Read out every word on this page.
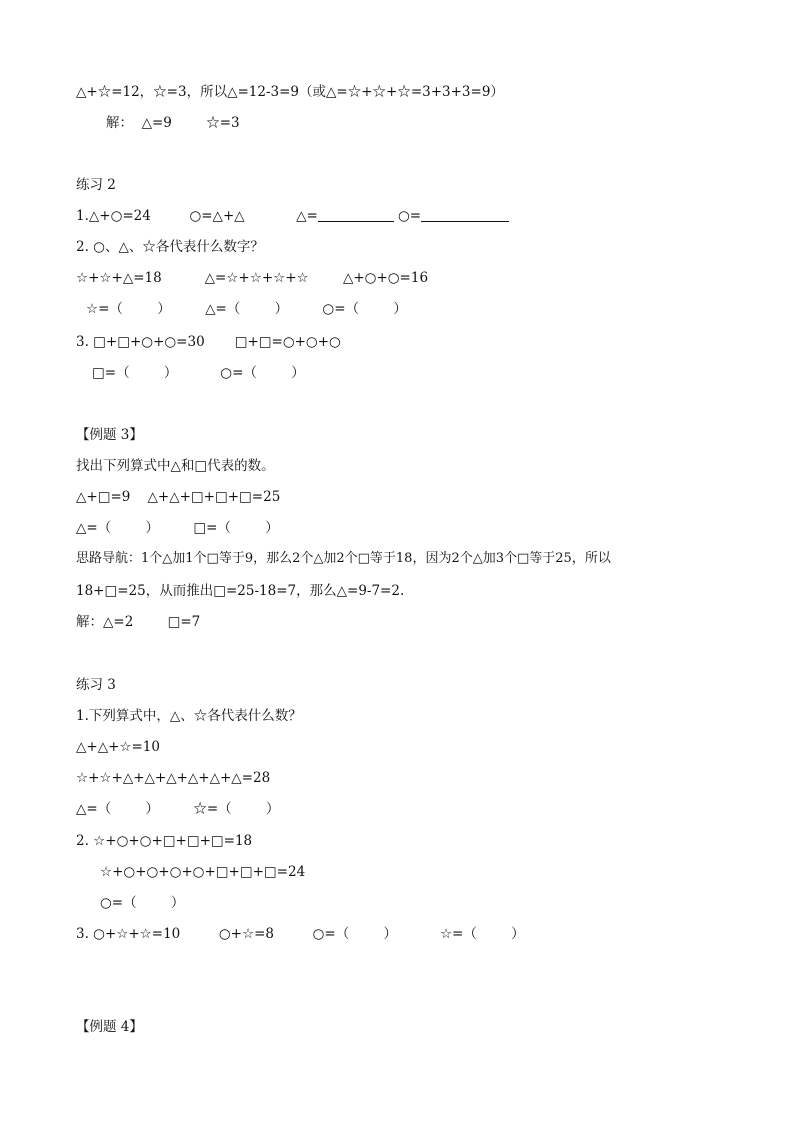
△+☆=12，☆=3，所以△=12-3=9（或△=☆+☆+☆=3+3+3=9）
解：  △=9        ☆=3
练习 2
1.△+○=24         ○=△+△            △=	○=
2. ○、△、☆各代表什么数字？
☆+☆+△=18          △=☆+☆+☆+☆        △+○+○=16
☆=（        ）        △=（        ）        ○=（        ）
3. □+□+○+○=30       □+□=○+○+○
□=（        ）          ○=（        ）
【例题 3】
找出下列算式中△和□代表的数。
△+□=9    △+△+□+□+□=25
△=（        ）        □=（        ）
思路导航：1个△加1个□等于9，那么2个△加2个□等于18，因为2个△加3个□等于25，所以
18+□=25，从而推出□=25-18=7，那么△=9-7=2.
解：△=2        □=7
练习 3
1.下列算式中，△、☆各代表什么数？
△+△+☆=10
☆+☆+△+△+△+△+△+△=28
△=（        ）        ☆=（        ）
2. ☆+○+○+□+□+□=18
☆+○+○+○+○+□+□+□=24
○=（        ）
3. ○+☆+☆=10         ○+☆=8         ○=（        ）          ☆=（        ）
【例题 4】
